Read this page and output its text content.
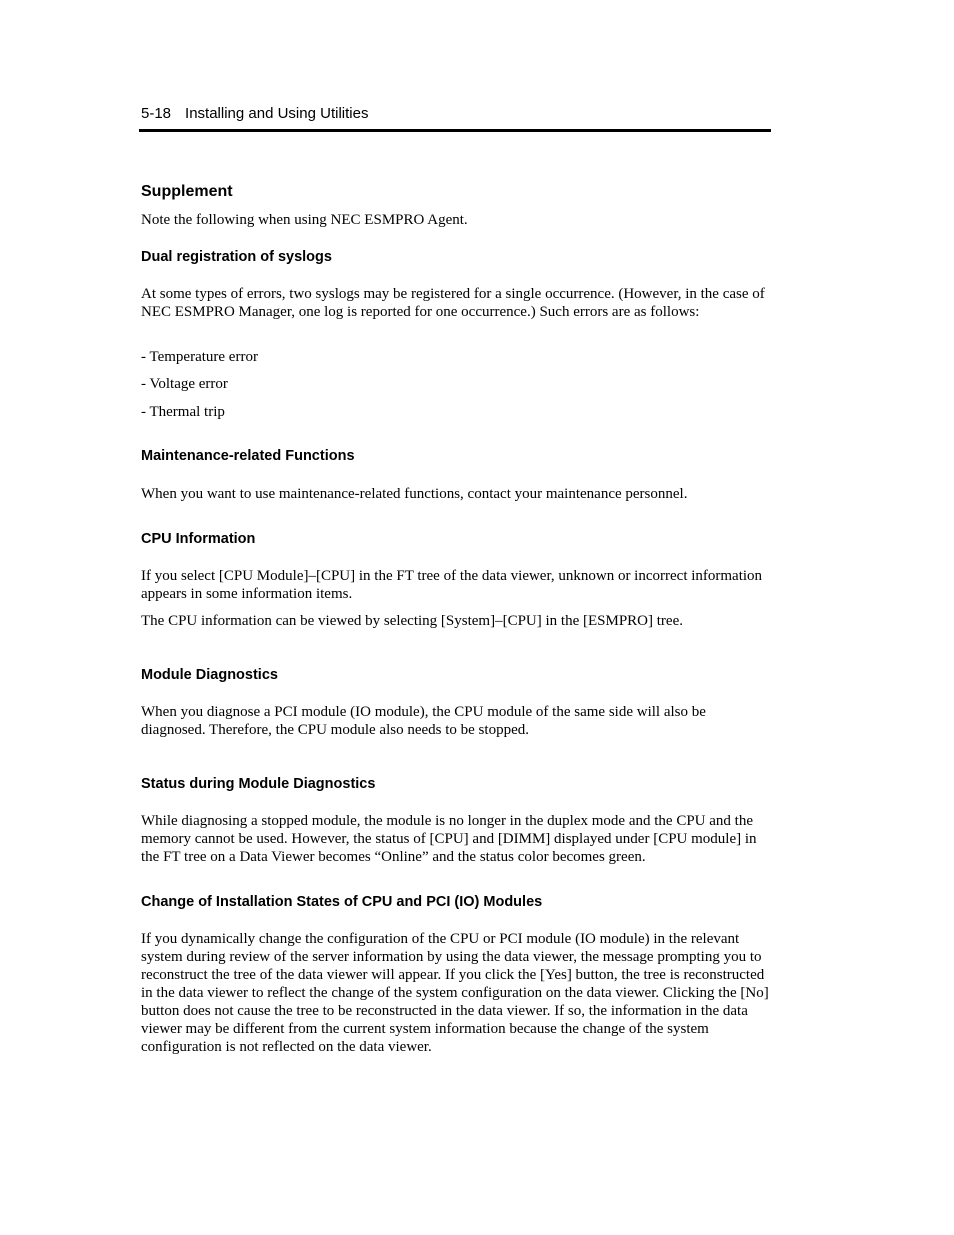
5-18 Installing and Using Utilities
Supplement
Note the following when using NEC ESMPRO Agent.
Dual registration of syslogs
At some types of errors, two syslogs may be registered for a single occurrence. (However, in the case of NEC ESMPRO Manager, one log is reported for one occurrence.) Such errors are as follows:
- Temperature error
- Voltage error
- Thermal trip
Maintenance-related Functions
When you want to use maintenance-related functions, contact your maintenance personnel.
CPU Information
If you select [CPU Module]–[CPU] in the FT tree of the data viewer, unknown or incorrect information appears in some information items.
The CPU information can be viewed by selecting [System]–[CPU] in the [ESMPRO] tree.
Module Diagnostics
When you diagnose a PCI module (IO module), the CPU module of the same side will also be diagnosed. Therefore, the CPU module also needs to be stopped.
Status during Module Diagnostics
While diagnosing a stopped module, the module is no longer in the duplex mode and the CPU and the memory cannot be used. However, the status of [CPU] and [DIMM] displayed under [CPU module] in the FT tree on a Data Viewer becomes “Online” and the status color becomes green.
Change of Installation States of CPU and PCI (IO) Modules
If you dynamically change the configuration of the CPU or PCI module (IO module) in the relevant system during review of the server information by using the data viewer, the message prompting you to reconstruct the tree of the data viewer will appear. If you click the [Yes] button, the tree is reconstructed in the data viewer to reflect the change of the system configuration on the data viewer. Clicking the [No] button does not cause the tree to be reconstructed in the data viewer. If so, the information in the data viewer may be different from the current system information because the change of the system configuration is not reflected on the data viewer.
